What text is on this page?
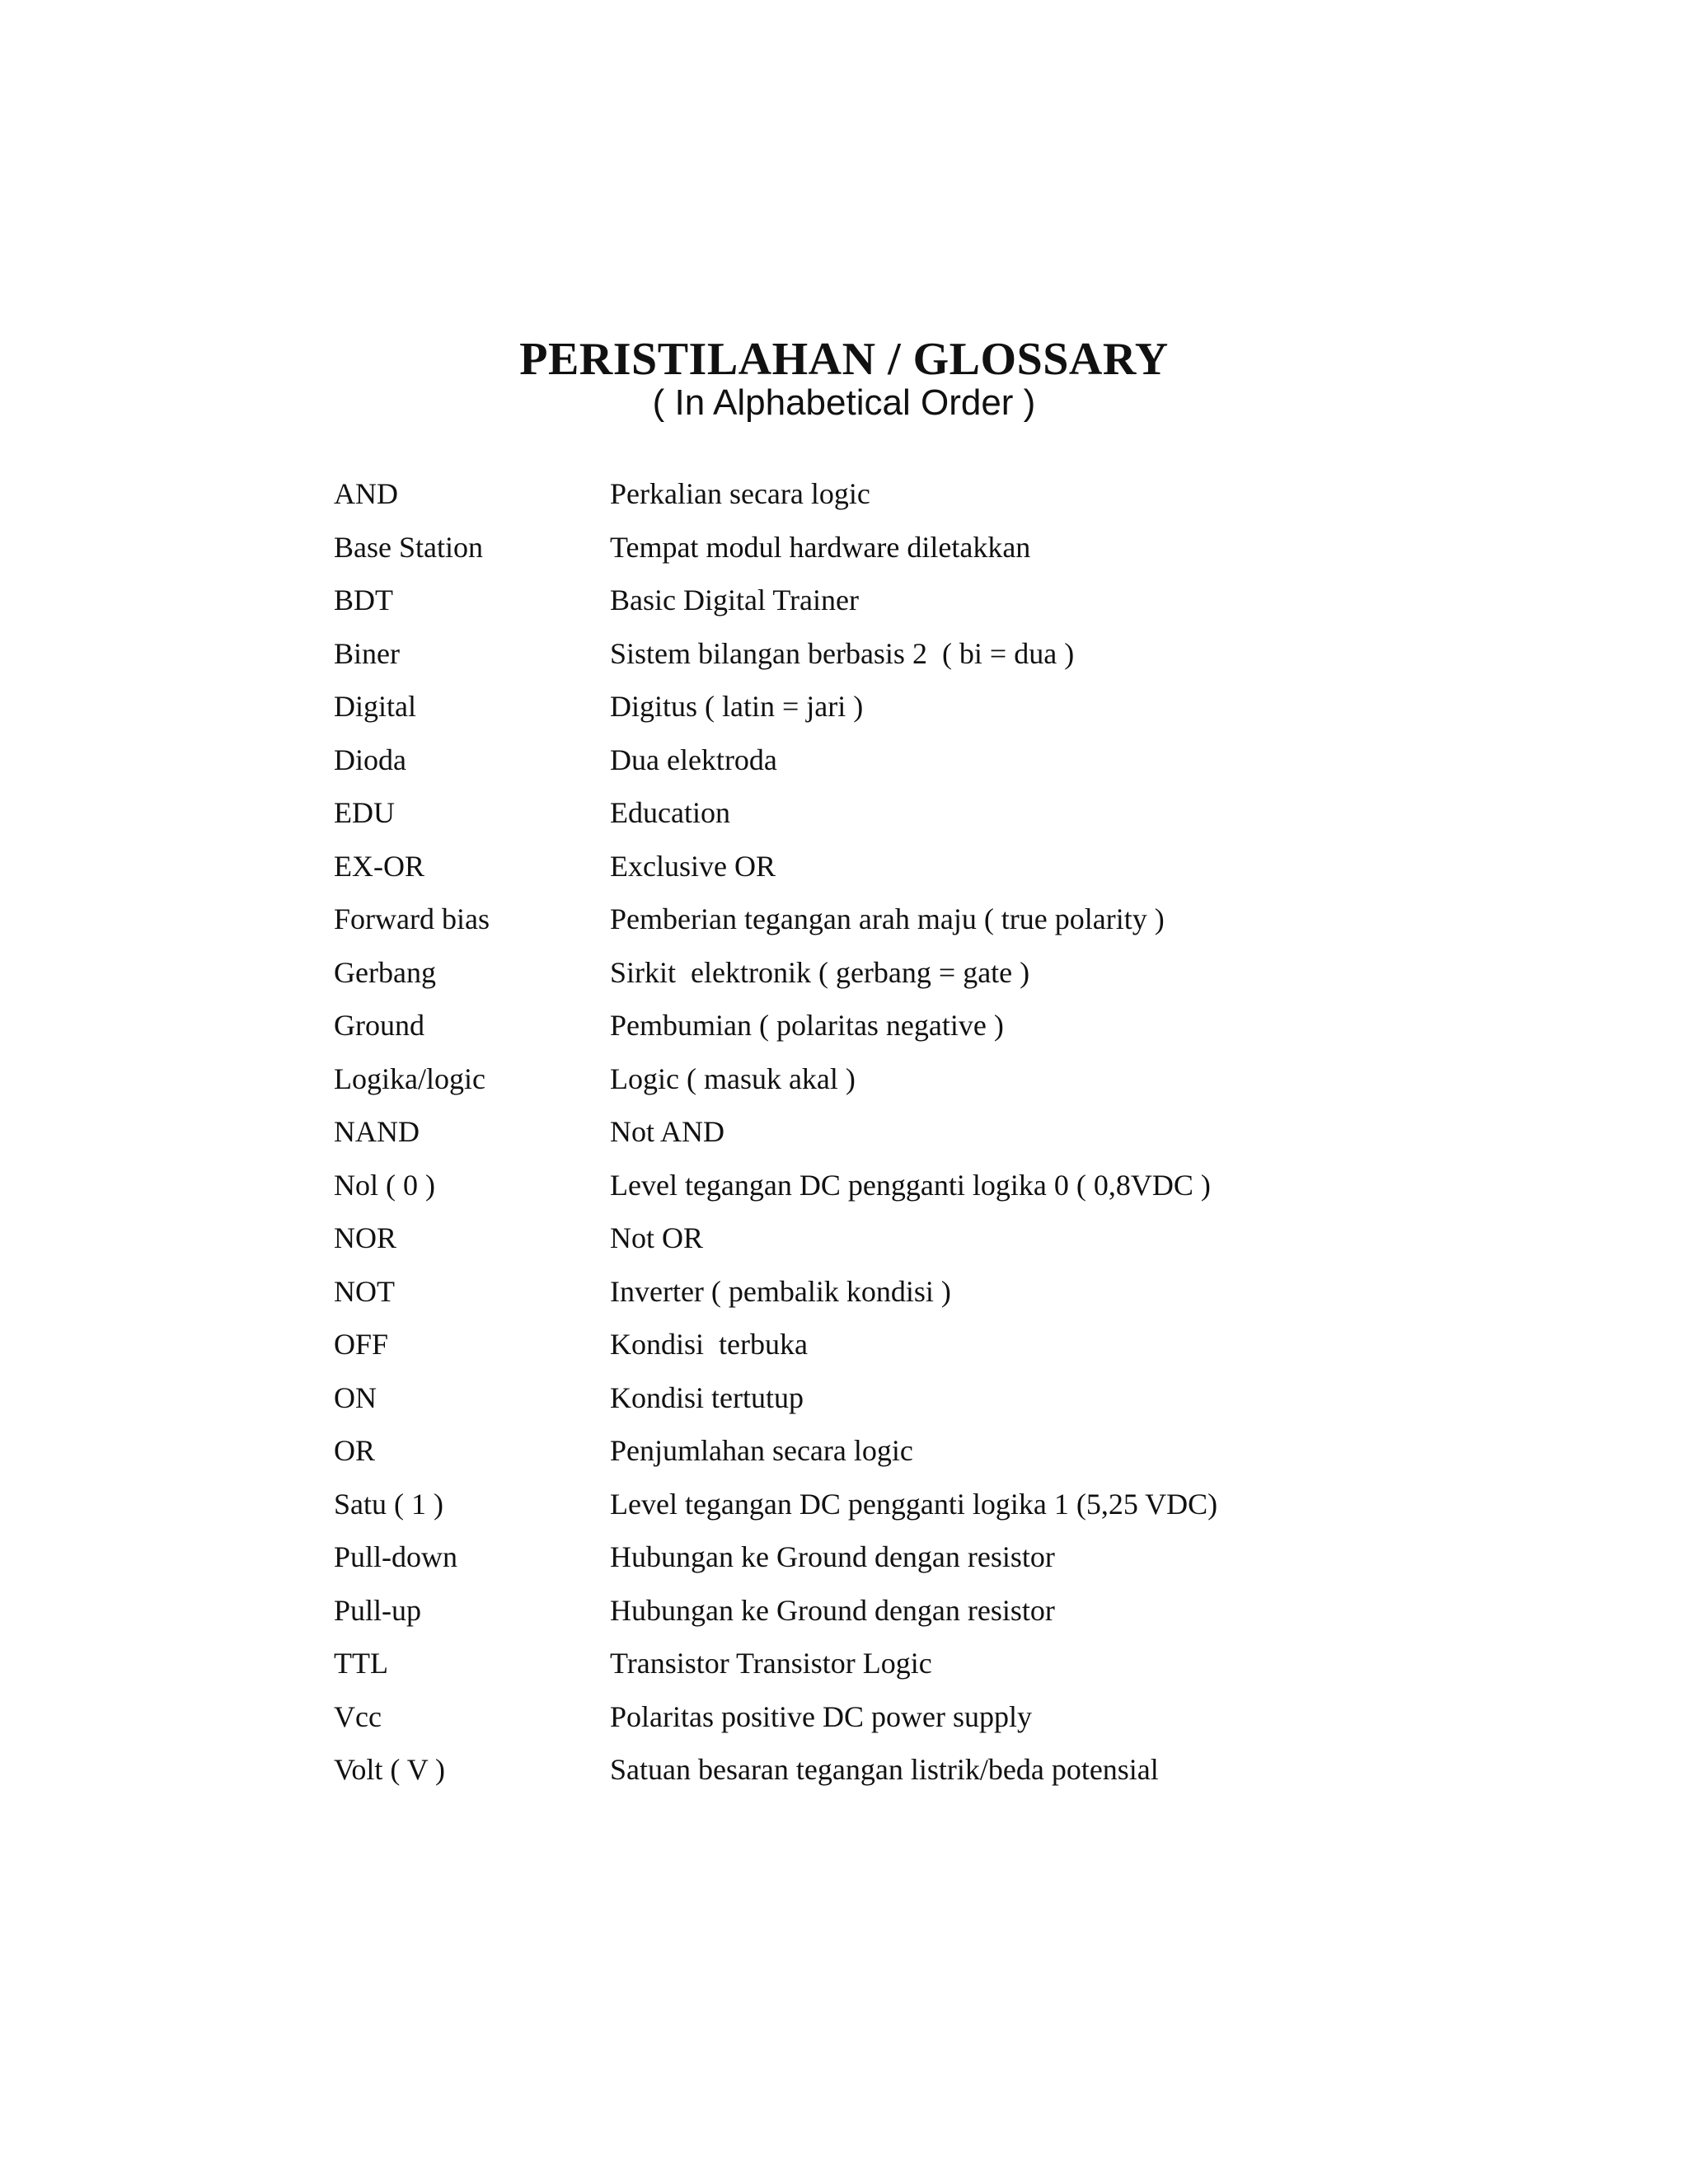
PERISTILAHAN / GLOSSARY
( In Alphabetical Order )
AND	Perkalian secara logic
Base Station	Tempat modul hardware diletakkan
BDT	Basic Digital Trainer
Biner	Sistem bilangan berbasis 2  ( bi = dua )
Digital	Digitus ( latin = jari )
Dioda	Dua elektroda
EDU	Education
EX-OR	Exclusive OR
Forward bias	Pemberian tegangan arah maju ( true polarity )
Gerbang	Sirkit  elektronik ( gerbang = gate )
Ground	Pembumian ( polaritas negative )
Logika/logic	Logic ( masuk akal )
NAND	Not AND
Nol ( 0 )	Level tegangan DC pengganti logika 0 ( 0,8VDC )
NOR	Not OR
NOT	Inverter ( pembalik kondisi )
OFF	Kondisi  terbuka
ON	Kondisi tertutup
OR	Penjumlahan secara logic
Satu ( 1 )	Level tegangan DC pengganti logika 1 (5,25 VDC)
Pull-down	Hubungan ke Ground dengan resistor
Pull-up	Hubungan ke Ground dengan resistor
TTL	Transistor Transistor Logic
Vcc	Polaritas positive DC power supply
Volt ( V )	Satuan besaran tegangan listrik/beda potensial
